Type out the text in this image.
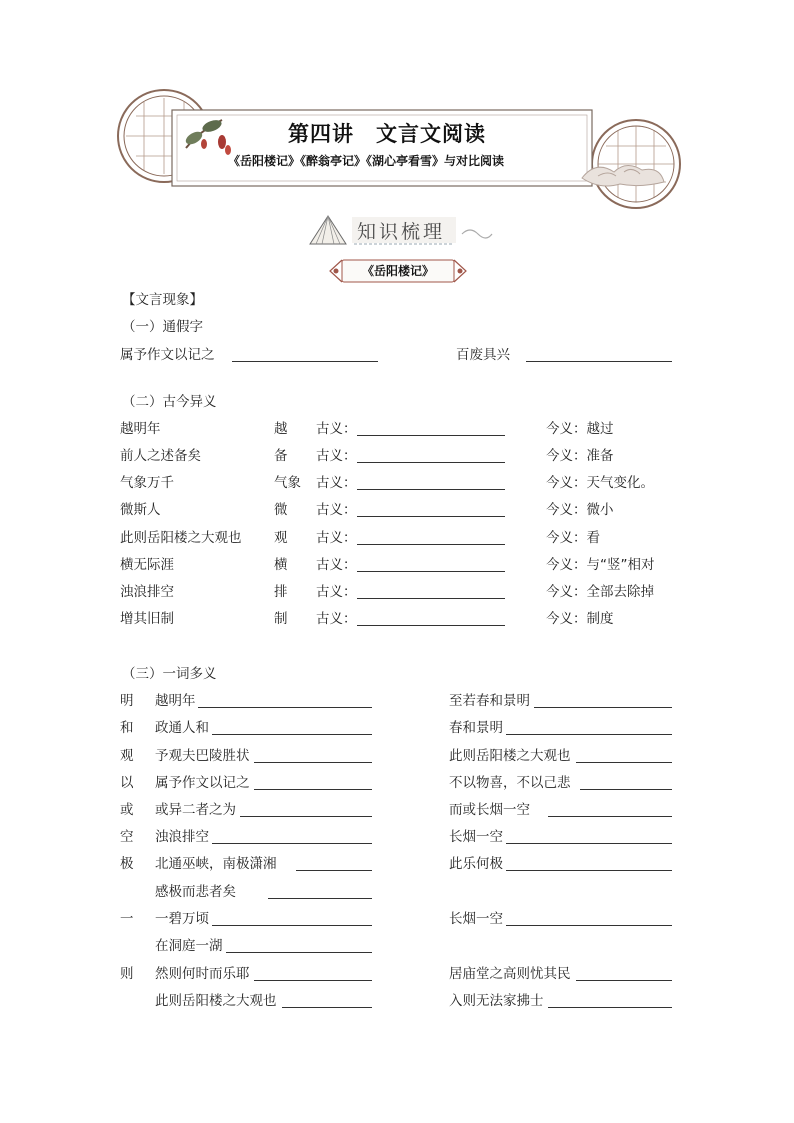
第四讲　文言文阅读
《岳阳楼记》《醉翁亭记》《湖心亭看雪》与对比阅读
知识梳理
《岳阳楼记》
【文言现象】
（一）通假字
属予作文以记之	百废具兴
（二）古今异义
越明年	越 古义：	今义：越过
前人之述备矣	备 古义：	今义：准备
气象万千	气象 古义：	今义：天气变化。
微斯人	微 古义：	今义：微小
此则岳阳楼之大观也 观 古义：	今义：看
横无际涯	横 古义：	今义：与“竖”相对
浊浪排空	排 古义：	今义：全部去除掉
增其旧制	制 古义：	今义：制度
（三）一词多义
明 越明年	至若春和景明
和 政通人和	春和景明
观 予观夫巴陵胜状	此则岳阳楼之大观也
以 属予作文以记之	不以物喜，不以己悲
或 或异二者之为	而或长烟一空
空 浊浪排空	长烟一空
极 北通巫峡，南极潇湘	此乐何极
感极而悲者矣
一 一碧万顷	长烟一空
在洞庭一湖
则 然则何时而乐耶	居庙堂之高则忧其民
此则岳阳楼之大观也	入则无法家拂士
